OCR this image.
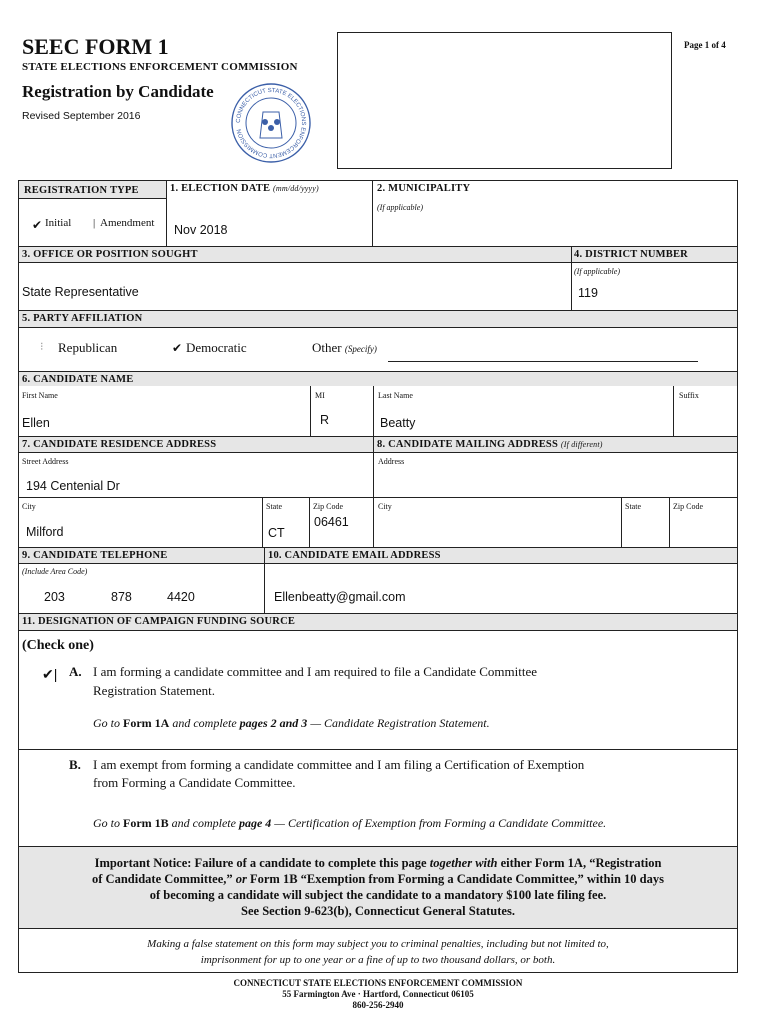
SEEC FORM 1
STATE ELECTIONS ENFORCEMENT COMMISSION
Registration by Candidate
Revised September 2016
Page 1 of 4
CONNECTICUT STATE ELECTIONS ENFORCEMENT COMMISSION
REGISTRATION TYPE
✔ Initial | Amendment
1. ELECTION DATE (mm/dd/yyyy)
Nov 2018
2. MUNICIPALITY
(If applicable)
3. OFFICE OR POSITION SOUGHT
State Representative
4. DISTRICT NUMBER
(If applicable)
119
5. PARTY AFFILIATION
⁝ Republican	✔ Democratic	Other (Specify)
6. CANDIDATE NAME
First Name
Ellen
MI
R
Last Name
Beatty
Suffix
7. CANDIDATE RESIDENCE ADDRESS
Street Address
194 Centenial Dr
City
Milford
State
CT
Zip Code
06461
8. CANDIDATE MAILING ADDRESS (If different)
Address
City	State	Zip Code
9. CANDIDATE TELEPHONE
(Include Area Code)
203	878	4420
10. CANDIDATE EMAIL ADDRESS
Ellenbeatty@gmail.com
11. DESIGNATION OF CAMPAIGN FUNDING SOURCE
(Check one)
✔| A. I am forming a candidate committee and I am required to file a Candidate Committee
Registration Statement.
Go to Form 1A and complete pages 2 and 3 — Candidate Registration Statement.
B. I am exempt from forming a candidate committee and I am filing a Certification of Exemption
from Forming a Candidate Committee.
Go to Form 1B and complete page 4 — Certification of Exemption from Forming a Candidate Committee.
Important Notice: Failure of a candidate to complete this page together with either Form 1A, “Registration
of Candidate Committee,” or Form 1B “Exemption from Forming a Candidate Committee,” within 10 days
of becoming a candidate will subject the candidate to a mandatory $100 late filing fee.
See Section 9-623(b), Connecticut General Statutes.
Making a false statement on this form may subject you to criminal penalties, including but not limited to,
imprisonment for up to one year or a fine of up to two thousand dollars, or both.
CONNECTICUT STATE ELECTIONS ENFORCEMENT COMMISSION
55 Farmington Ave · Hartford, Connecticut 06105
860-256-2940
